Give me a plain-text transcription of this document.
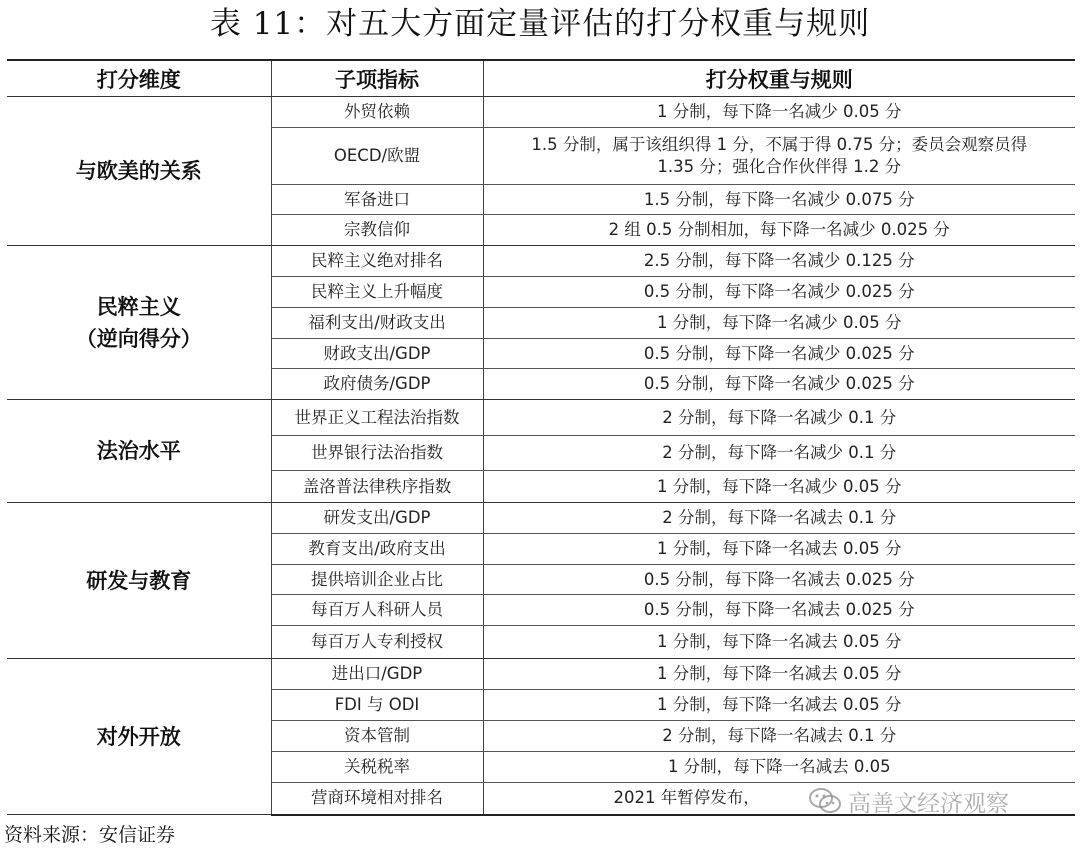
表 11：对五大方面定量评估的打分权重与规则
打分维度	子项指标	打分权重与规则
与欧美的关系	外贸依赖	1 分制，每下降一名减少 0.05 分
	OECD/欧盟	1.5 分制，属于该组织得 1 分，不属于得 0.75 分；委员会观察员得
1.35 分；强化合作伙伴得 1.2 分

	军备进口	1.5 分制，每下降一名减少 0.075 分
	宗教信仰	2 组 0.5 分制相加，每下降一名减少 0.025 分

民粹主义
（逆向得分）	民粹主义绝对排名	2.5 分制，每下降一名减少 0.125 分
	民粹主义上升幅度	0.5 分制，每下降一名减少 0.025 分
	福利支出/财政支出	1 分制，每下降一名减少 0.05 分
	财政支出/GDP	0.5 分制，每下降一名减少 0.025 分
	政府债务/GDP	0.5 分制，每下降一名减少 0.025 分
法治水平	世界正义工程法治指数	2 分制，每下降一名减少 0.1 分
	世界银行法治指数	2 分制，每下降一名减少 0.1 分
	盖洛普法律秩序指数	1 分制，每下降一名减少 0.05 分
研发与教育	研发支出/GDP	2 分制，每下降一名减去 0.1 分
	教育支出/政府支出	1 分制，每下降一名减去 0.05 分
	提供培训企业占比	0.5 分制，每下降一名减去 0.025 分
	每百万人科研人员	0.5 分制，每下降一名减去 0.025 分
	每百万人专利授权	1 分制，每下降一名减去 0.05 分
对外开放	进出口/GDP	1 分制，每下降一名减去 0.05 分
	FDI 与 ODI	1 分制，每下降一名减去 0.05 分
	资本管制	2 分制，每下降一名减去 0.1 分
	关税税率	1 分制，每下降一名减去 0.05
	营商环境相对排名	2021 年暂停发布，
资料来源：安信证券
高善文经济观察
